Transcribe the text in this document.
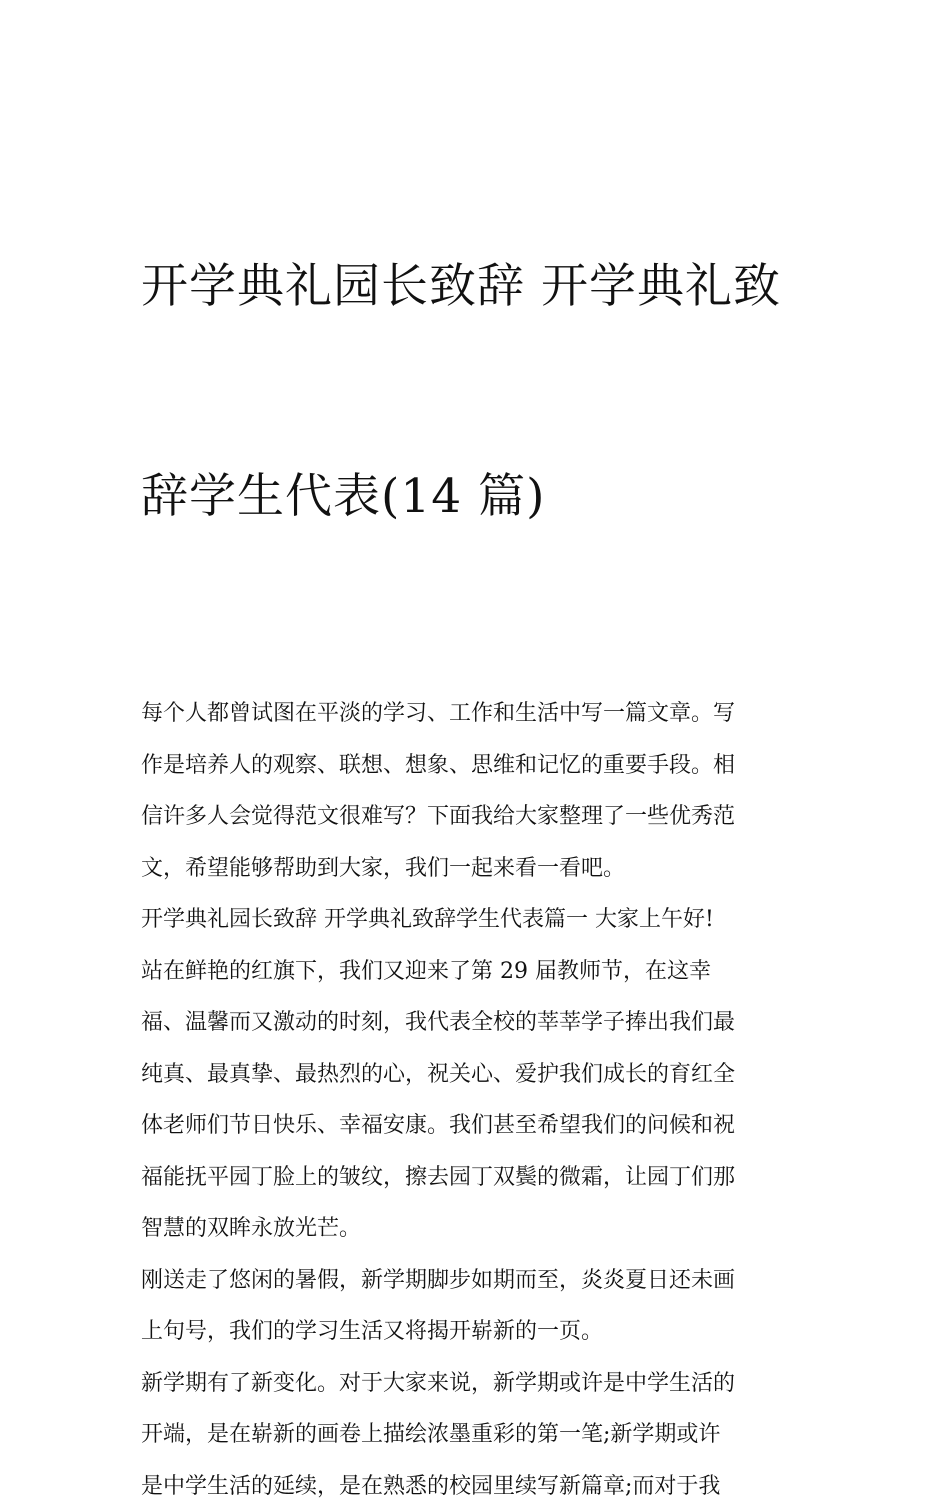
开学典礼园长致辞 开学典礼致

辞学生代表(14 篇)

每个人都曾试图在平淡的学习、工作和生活中写一篇文章。写
作是培养人的观察、联想、想象、思维和记忆的重要手段。相
信许多人会觉得范文很难写？下面我给大家整理了一些优秀范
文，希望能够帮助到大家，我们一起来看一看吧。

开学典礼园长致辞 开学典礼致辞学生代表篇一 大家上午好!

站在鲜艳的红旗下，我们又迎来了第 29 届教师节，在这幸
福、温馨而又激动的时刻，我代表全校的莘莘学子捧出我们最
纯真、最真挚、最热烈的心，祝关心、爱护我们成长的育红全
体老师们节日快乐、幸福安康。我们甚至希望我们的问候和祝
福能抚平园丁脸上的皱纹，擦去园丁双鬓的微霜，让园丁们那
智慧的双眸永放光芒。

刚送走了悠闲的暑假，新学期脚步如期而至，炎炎夏日还未画
上句号，我们的学习生活又将揭开崭新的一页。

新学期有了新变化。对于大家来说，新学期或许是中学生活的
开端，是在崭新的画卷上描绘浓墨重彩的第一笔;新学期或许
是中学生活的延续，是在熟悉的校园里续写新篇章;而对于我
